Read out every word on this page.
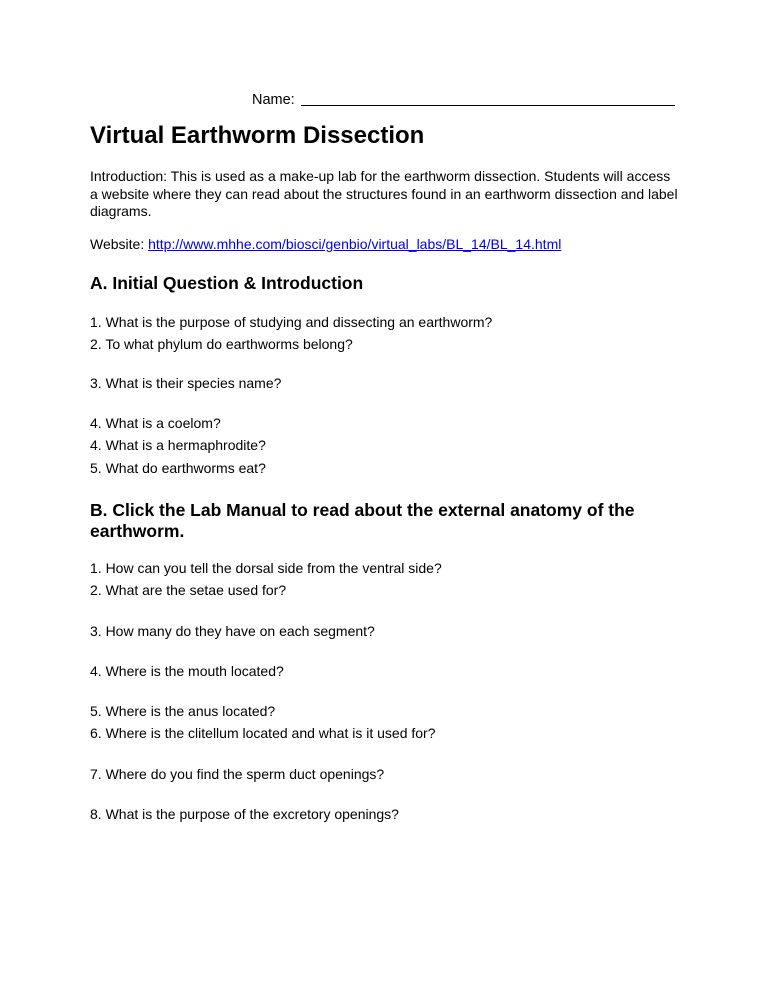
Name:
Virtual Earthworm Dissection

Introduction: This is used as a make-up lab for the earthworm dissection. Students will access a website where they can read about the structures found in an earthworm dissection and label diagrams.

Website: http://www.mhhe.com/biosci/genbio/virtual_labs/BL_14/BL_14.html

A. Initial Question & Introduction

1. What is the purpose of studying and dissecting an earthworm?

2. To what phylum do earthworms belong?

3. What is their species name?

4. What is a coelom?

4. What is a hermaphrodite?

5. What do earthworms eat?

B. Click the Lab Manual to read about the external anatomy of the earthworm.

1. How can you tell the dorsal side from the ventral side?

2. What are the setae used for?

3. How many do they have on each segment?

4. Where is the mouth located?

5. Where is the anus located?

6. Where is the clitellum located and what is it used for?

7. Where do you find the sperm duct openings?

8. What is the purpose of the excretory openings?
